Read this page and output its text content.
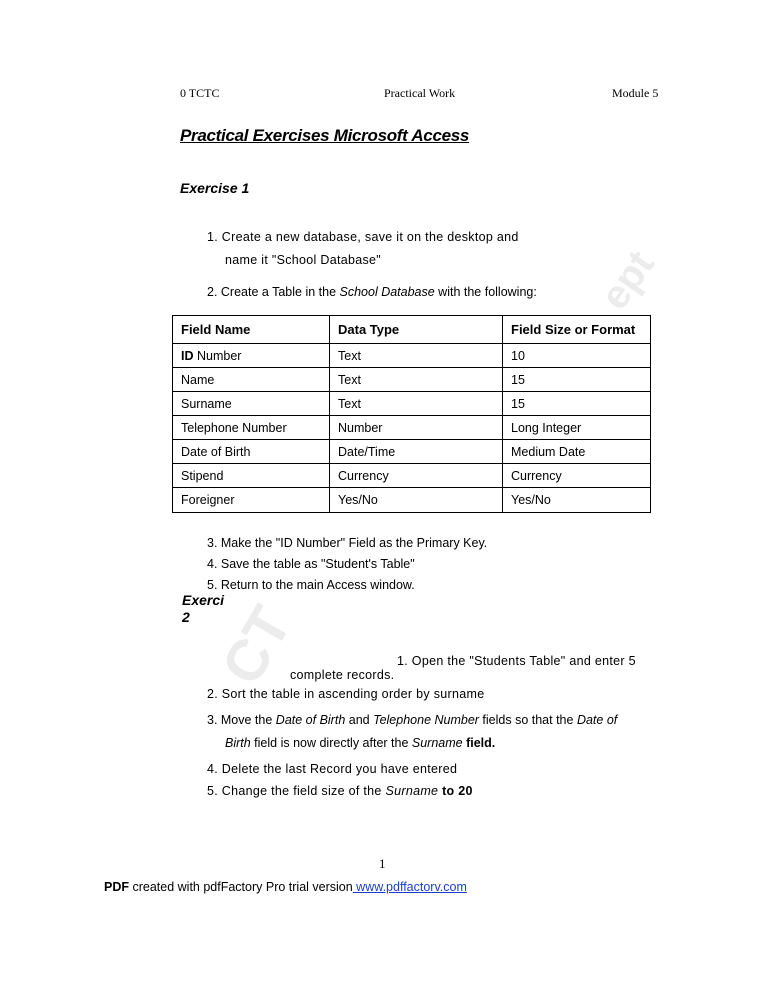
ept
CT
0 TCTC	Practical Work	Module 5
Practical Exercises Microsoft Access
Exercise 1
1. Create a new database, save it on the desktop and
name it "School Database"
2. Create a Table in the School Database with the following:
Field Name	Data Type	Field Size or Format
ID Number	Text	10
Name	Text	15
Surname	Text	15
Telephone Number	Number	Long Integer
Date of Birth	Date/Time	Medium Date
Stipend	Currency	Currency
Foreigner	Yes/No	Yes/No
3. Make the "ID Number" Field as the Primary Key.
4. Save the table as "Student's Table"
5. Return to the main Access window.
Exerci
2
1. Open the "Students Table" and enter 5
complete records.
2. Sort the table in ascending order by surname
3. Move the Date of Birth and Telephone Number fields so that the Date of
Birth field is now directly after the Surname field.
4. Delete the last Record you have entered
5. Change the field size of the Surname to 20
1
PDF created with pdfFactory Pro trial version www.pdffactorv.com
